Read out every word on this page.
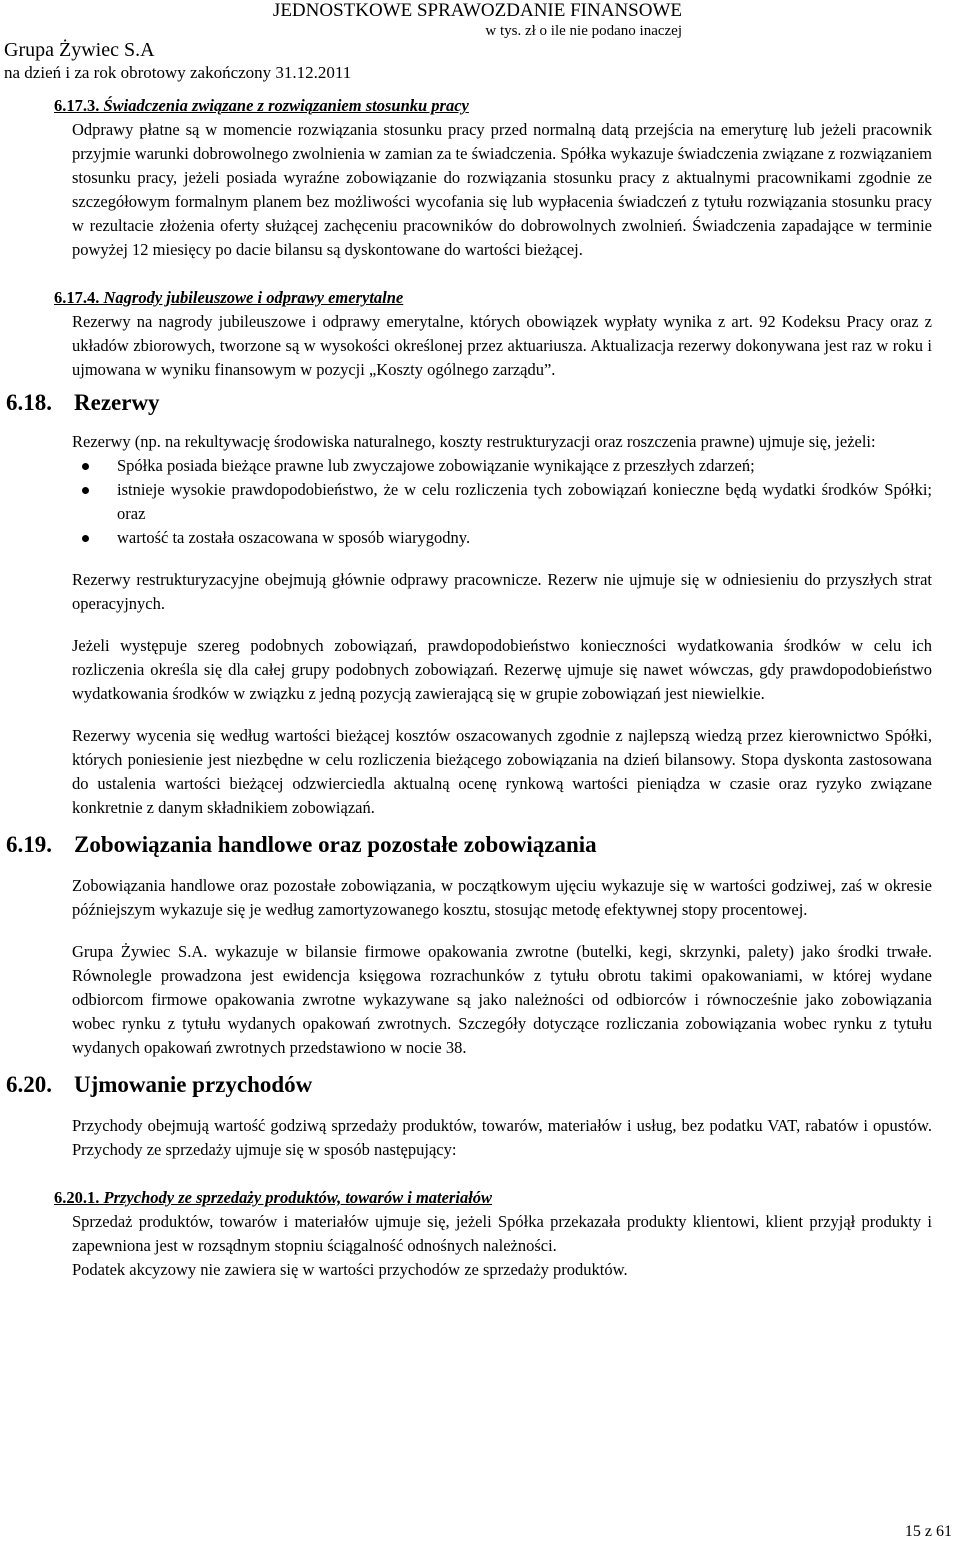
JEDNOSTKOWE SPRAWOZDANIE FINANSOWE
w tys. zł o ile nie podano inaczej
Grupa Żywiec S.A
na dzień i za rok obrotowy zakończony 31.12.2011
6.17.3. Świadczenia związane z rozwiązaniem stosunku pracy

Odprawy płatne są w momencie rozwiązania stosunku pracy przed normalną datą przejścia na emeryturę lub jeżeli pracownik przyjmie warunki dobrowolnego zwolnienia w zamian za te świadczenia. Spółka wykazuje świadczenia związane z rozwiązaniem stosunku pracy, jeżeli posiada wyraźne zobowiązanie do rozwiązania stosunku pracy z aktualnymi pracownikami zgodnie ze szczegółowym formalnym planem bez możliwości wycofania się lub wypłacenia świadczeń z tytułu rozwiązania stosunku pracy w rezultacie złożenia oferty służącej zachęceniu pracowników do dobrowolnych zwolnień. Świadczenia zapadające w terminie powyżej 12 miesięcy po dacie bilansu są dyskontowane do wartości bieżącej.

6.17.4. Nagrody jubileuszowe i odprawy emerytalne

Rezerwy na nagrody jubileuszowe i odprawy emerytalne, których obowiązek wypłaty wynika z art. 92 Kodeksu Pracy oraz z układów zbiorowych, tworzone są w wysokości określonej przez aktuariusza. Aktualizacja rezerwy dokonywana jest raz w roku i ujmowana w wyniku finansowym w pozycji „Koszty ogólnego zarządu”.

6.18. Rezerwy

Rezerwy (np. na rekultywację środowiska naturalnego, koszty restrukturyzacji oraz roszczenia prawne) ujmuje się, jeżeli:

Spółka posiada bieżące prawne lub zwyczajowe zobowiązanie wynikające z przeszłych zdarzeń;
istnieje wysokie prawdopodobieństwo, że w celu rozliczenia tych zobowiązań konieczne będą wydatki środków Spółki; oraz
wartość ta została oszacowana w sposób wiarygodny.

Rezerwy restrukturyzacyjne obejmują głównie odprawy pracownicze. Rezerw nie ujmuje się w odniesieniu do przyszłych strat operacyjnych.

Jeżeli występuje szereg podobnych zobowiązań, prawdopodobieństwo konieczności wydatkowania środków w celu ich rozliczenia określa się dla całej grupy podobnych zobowiązań. Rezerwę ujmuje się nawet wówczas, gdy prawdopodobieństwo wydatkowania środków w związku z jedną pozycją zawierającą się w grupie zobowiązań jest niewielkie.

Rezerwy wycenia się według wartości bieżącej kosztów oszacowanych zgodnie z najlepszą wiedzą przez kierownictwo Spółki, których poniesienie jest niezbędne w celu rozliczenia bieżącego zobowiązania na dzień bilansowy. Stopa dyskonta zastosowana do ustalenia wartości bieżącej odzwierciedla aktualną ocenę rynkową wartości pieniądza w czasie oraz ryzyko związane konkretnie z danym składnikiem zobowiązań.

6.19. Zobowiązania handlowe oraz pozostałe zobowiązania

Zobowiązania handlowe oraz pozostałe zobowiązania, w początkowym ujęciu wykazuje się w wartości godziwej, zaś w okresie późniejszym wykazuje się je według zamortyzowanego kosztu, stosując metodę efektywnej stopy procentowej.

Grupa Żywiec S.A. wykazuje w bilansie firmowe opakowania zwrotne (butelki, kegi, skrzynki, palety) jako środki trwałe. Równolegle prowadzona jest ewidencja księgowa rozrachunków z tytułu obrotu takimi opakowaniami, w której wydane odbiorcom firmowe opakowania zwrotne wykazywane są jako należności od odbiorców i równocześnie jako zobowiązania wobec rynku z tytułu wydanych opakowań zwrotnych. Szczegóły dotyczące rozliczania zobowiązania wobec rynku z tytułu wydanych opakowań zwrotnych przedstawiono w nocie 38.

6.20. Ujmowanie przychodów

Przychody obejmują wartość godziwą sprzedaży produktów, towarów, materiałów i usług, bez podatku VAT, rabatów i opustów. Przychody ze sprzedaży ujmuje się w sposób następujący:

6.20.1. Przychody ze sprzedaży produktów, towarów i materiałów

Sprzedaż produktów, towarów i materiałów ujmuje się, jeżeli Spółka przekazała produkty klientowi, klient przyjął produkty i zapewniona jest w rozsądnym stopniu ściągalność odnośnych należności.

Podatek akcyzowy nie zawiera się w wartości przychodów ze sprzedaży produktów.

15 z 61
